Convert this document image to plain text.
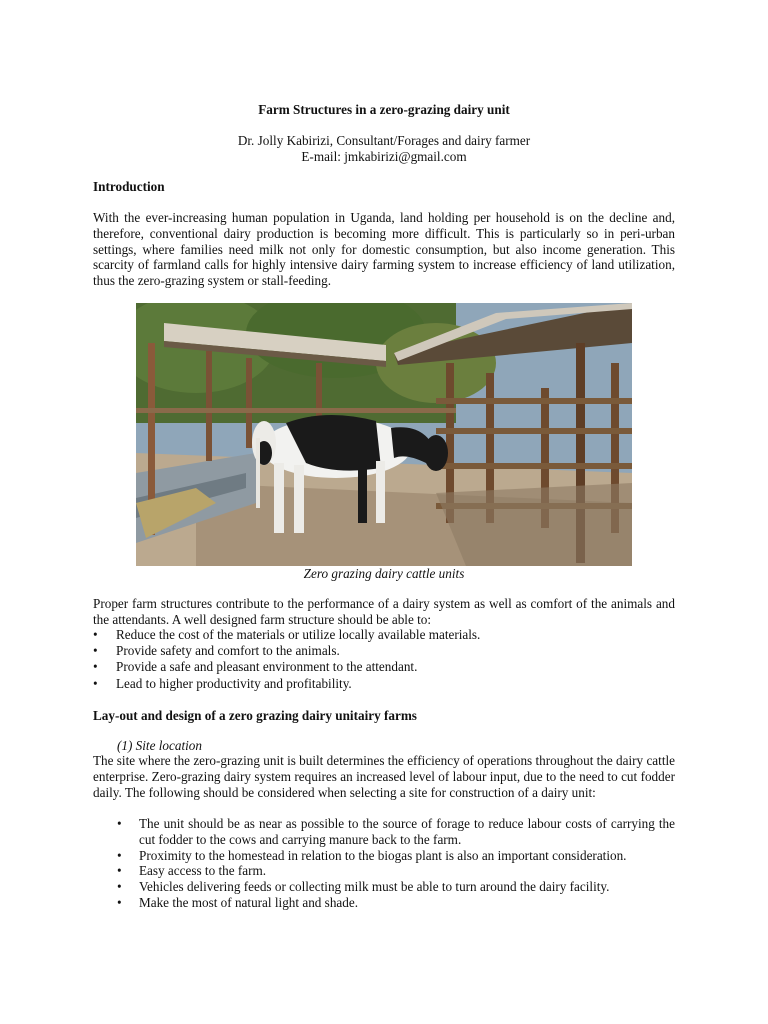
Farm Structures in a zero-grazing dairy unit
Dr. Jolly Kabirizi, Consultant/Forages and dairy farmer
E-mail: jmkabirizi@gmail.com
Introduction
With the ever-increasing human population in Uganda, land holding per household is on the decline and, therefore, conventional dairy production is becoming more difficult. This is particularly so in peri-urban settings, where families need milk not only for domestic consumption, but also income generation. This scarcity of farmland calls for highly intensive dairy farming system to increase efficiency of land utilization, thus the zero-grazing system or stall-feeding.
Zero grazing dairy cattle units
Proper farm structures contribute to the performance of a dairy system as well as comfort of the animals and the attendants. A well designed farm structure should be able to:
• Reduce the cost of the materials or utilize locally available materials.
• Provide safety and comfort to the animals.
• Provide a safe and pleasant environment to the attendant.
• Lead to higher productivity and profitability.
Lay-out and design of a zero grazing dairy unitairy farms
(1) Site location
The site where the zero-grazing unit is built determines the efficiency of operations throughout the dairy cattle enterprise. Zero-grazing dairy system requires an increased level of labour input, due to the need to cut fodder daily. The following should be considered when selecting a site for construction of a dairy unit:
• The unit should be as near as possible to the source of forage to reduce labour costs of carrying the cut fodder to the cows and carrying manure back to the farm.
• Proximity to the homestead in relation to the biogas plant is also an important consideration.
• Easy access to the farm.
• Vehicles delivering feeds or collecting milk must be able to turn around the dairy facility.
• Make the most of natural light and shade.
